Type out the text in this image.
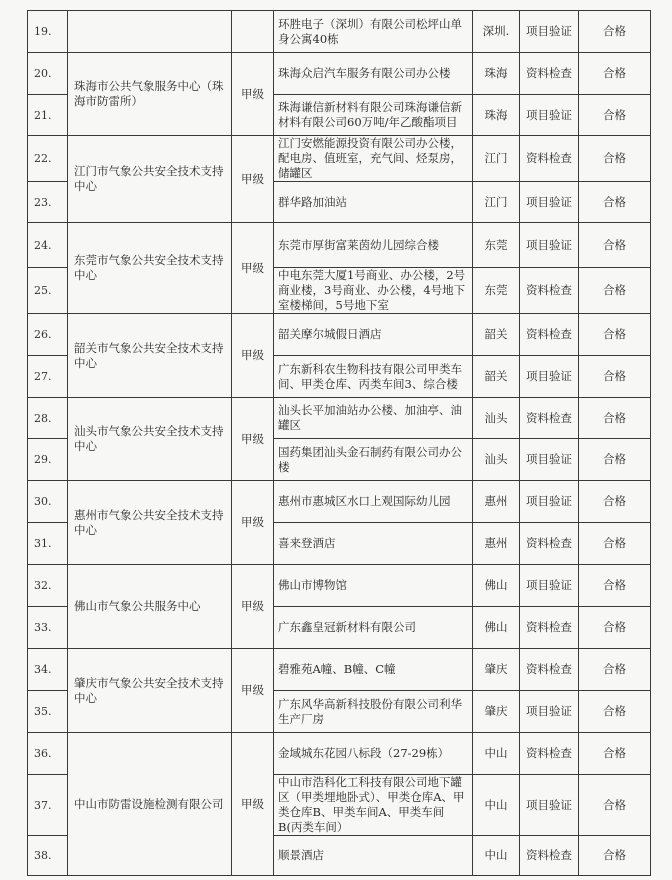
19.			环胜电子（深圳）有限公司松坪山单身公寓40栋	深圳.	项目验证	合格
20.	珠海市公共气象服务中心（珠海市防雷所）	甲级	珠海众启汽车服务有限公司办公楼	珠海	资料检查	合格
21.			珠海谦信新材料有限公司珠海谦信新材料有限公司60万吨/年乙酸酯项目	珠海	项目验证	合格
22.	江门市气象公共安全技术支持中心	甲级	江门安燃能源投资有限公司办公楼，配电房、值班室，充气间、烃泵房，储罐区	江门	资料检查	合格
23.			群华路加油站	江门	项目验证	合格
24.	东莞市气象公共安全技术支持中心	甲级	东莞市厚街富莱茵幼儿园综合楼	东莞	项目验证	合格
25.			中电东莞大厦1号商业、办公楼，2号商业楼，3号商业、办公楼，4号地下室楼梯间，5号地下室	东莞	资料检查	合格
26.	韶关市气象公共安全技术支持中心	甲级	韶关摩尔城假日酒店	韶关	资料检查	合格
27.			广东新科农生物科技有限公司甲类车间、甲类仓库、丙类车间3、综合楼	韶关	项目验证	合格
28.	汕头市气象公共安全技术支持中心	甲级	汕头长平加油站办公楼、加油亭、油罐区	汕头	资料检查	合格
29.			国药集团汕头金石制药有限公司办公楼	汕头	项目验证	合格
30.	惠州市气象公共安全技术支持中心	甲级	惠州市惠城区水口上观国际幼儿园	惠州	项目验证	合格
31.			喜来登酒店	惠州	资料检查	合格
32.	佛山市气象公共服务中心	甲级	佛山市博物馆	佛山	项目验证	合格
33.			广东鑫皇冠新材料有限公司	佛山	资料检查	合格
34.	肇庆市气象公共安全技术支持中心	甲级	碧雅苑A幢、B幢、C幢	肇庆	资料检查	合格
35.			广东风华高新科技股份有限公司利华生产厂房	肇庆	项目验证	合格
36.	中山市防雷设施检测有限公司	甲级	金域城东花园八标段（27-29栋）	中山	资料检查	合格
37.			中山市浩科化工科技有限公司地下罐区（甲类埋地卧式）、甲类仓库A、甲类仓库B、甲类车间A、甲类车间B(丙类车间）	中山	项目验证	合格
38.			顺景酒店	中山	资料检查	合格
